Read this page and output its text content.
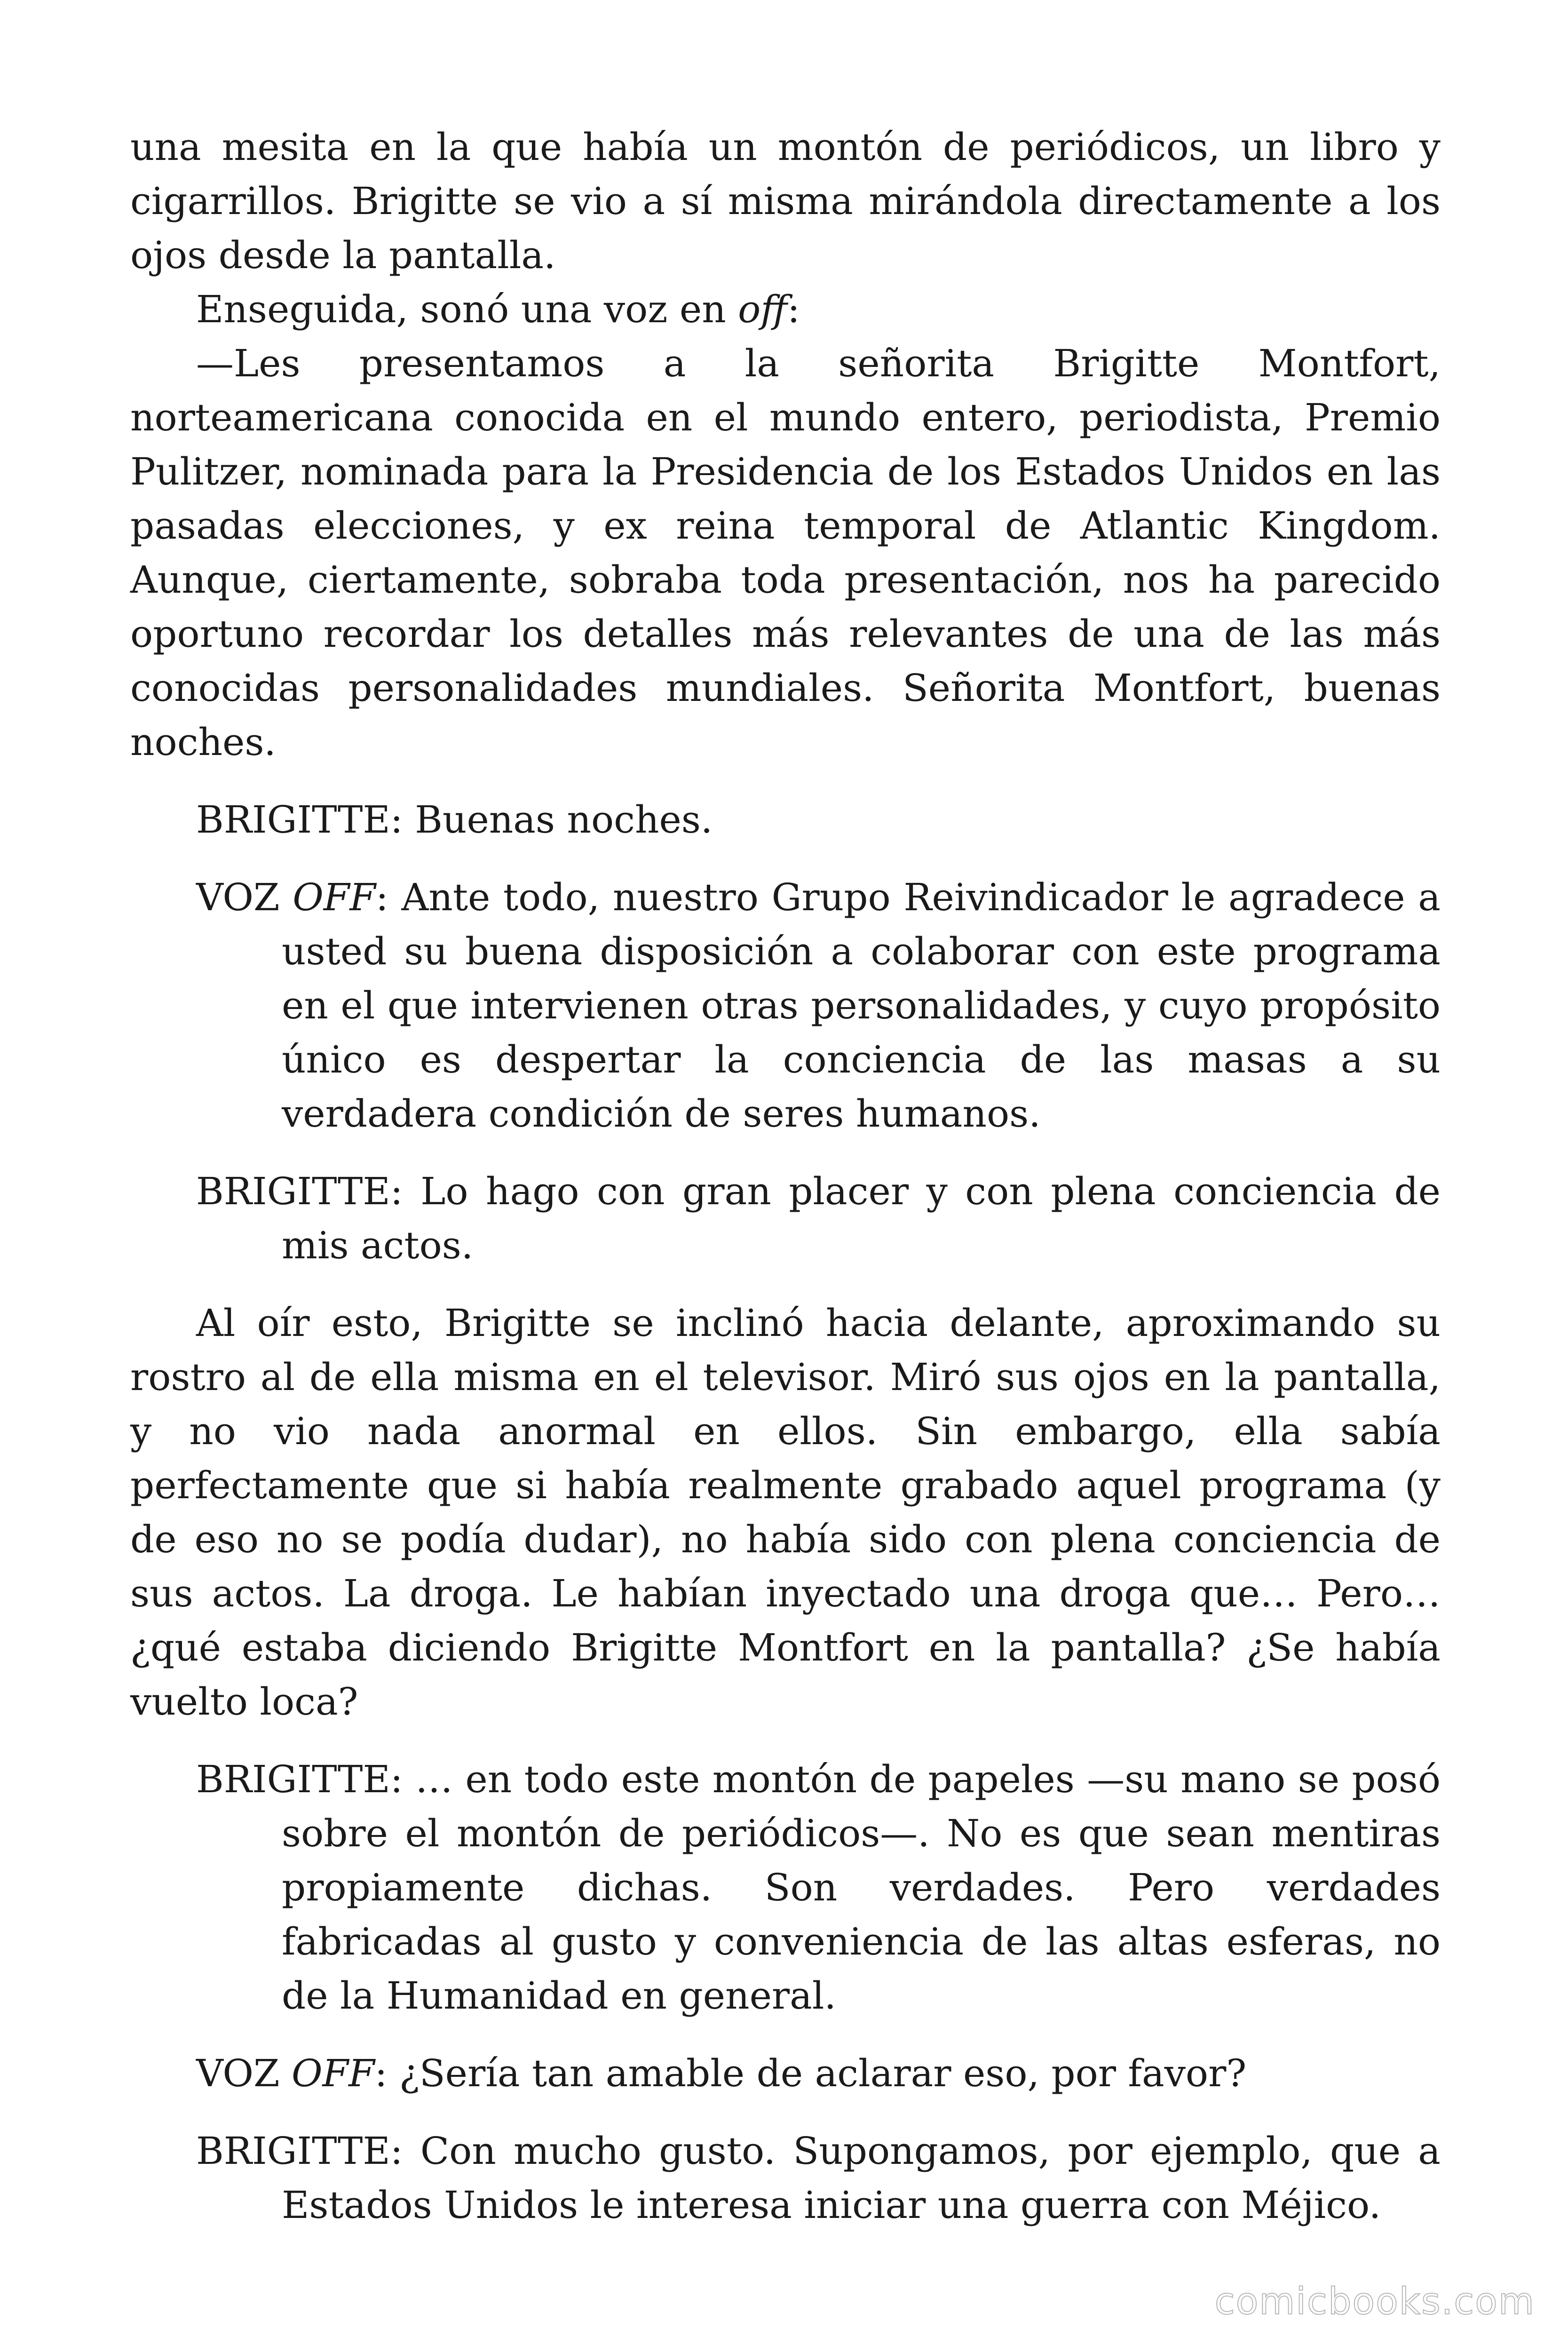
una mesita en la que había un montón de periódicos, un libro y cigarrillos. Brigitte se vio a sí misma mirándola directamente a los ojos desde la pantalla.

Enseguida, sonó una voz en off:

—Les presentamos a la señorita Brigitte Montfort, norteamericana conocida en el mundo entero, periodista, Premio Pulitzer, nominada para la Presidencia de los Estados Unidos en las pasadas elecciones, y ex reina temporal de Atlantic Kingdom. Aunque, ciertamente, sobraba toda presentación, nos ha parecido oportuno recordar los detalles más relevantes de una de las más conocidas personalidades mundiales. Señorita Montfort, buenas noches.

BRIGITTE: Buenas noches.

VOZ OFF: Ante todo, nuestro Grupo Reivindicador le agradece a usted su buena disposición a colaborar con este programa en el que intervienen otras personalidades, y cuyo propósito único es despertar la conciencia de las masas a su verdadera condición de seres humanos.

BRIGITTE: Lo hago con gran placer y con plena conciencia de mis actos.

Al oír esto, Brigitte se inclinó hacia delante, aproximando su rostro al de ella misma en el televisor. Miró sus ojos en la pantalla, y no vio nada anormal en ellos. Sin embargo, ella sabía perfectamente que si había realmente grabado aquel programa (y de eso no se podía dudar), no había sido con plena conciencia de sus actos. La droga. Le habían inyectado una droga que… Pero… ¿qué estaba diciendo Brigitte Montfort en la pantalla? ¿Se había vuelto loca?

BRIGITTE: … en todo este montón de papeles —su mano se posó sobre el montón de periódicos—. No es que sean mentiras propiamente dichas. Son verdades. Pero verdades fabricadas al gusto y conveniencia de las altas esferas, no de la Humanidad en general.

VOZ OFF: ¿Sería tan amable de aclarar eso, por favor?

BRIGITTE: Con mucho gusto. Supongamos, por ejemplo, que a Estados Unidos le interesa iniciar una guerra con Méjico.

comicbooks.com
